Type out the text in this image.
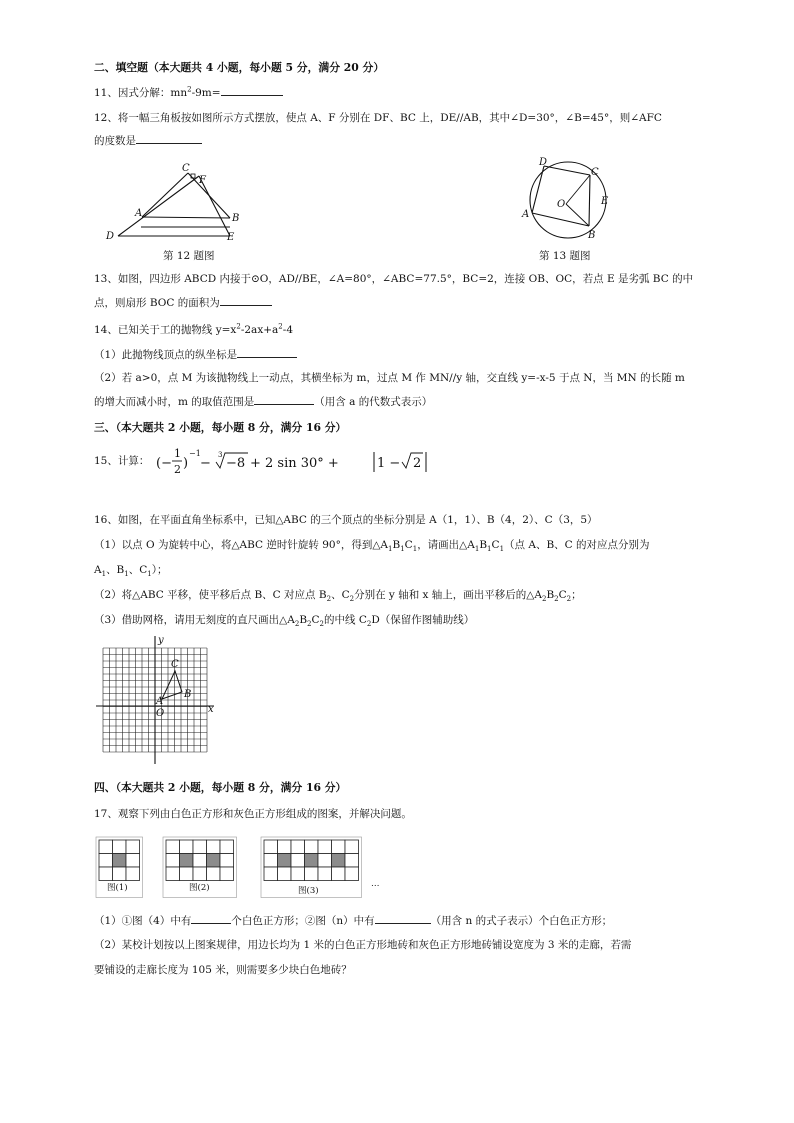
二、填空题（本大题共 4 小题，每小题 5 分，满分 20 分）
11、因式分解：$mn^2-9m=$
12、将一幅三角板按如图所示方式摆放，使点 A、F 分别在 DF、BC 上，DE//AB，其中∠D=30°，∠B=45°，则∠AFC
的度数是
C
F
A	B
D	E
第 12 题图
D
C
O	E
A
B
第 13 题图
13、如图，四边形 ABCD 内接于⊙O，AD//BE，∠A=80°，∠ABC=77.5°，BC=2，连接 OB、OC，若点 E 是劣弧 BC 的中
点，则扇形 BOC 的面积为
14、已知关于工的抛物线 $y=x^2-2ax+a^2-4$
（1）此抛物线顶点的纵坐标是
（2）若 a>0，点 M 为该抛物线上一动点，其横坐标为 m，过点 M 作 MN//y 轴，交直线 y=-x-5 于点 N，当 MN 的长随 m
的增大而减小时，m 的取值范围是	（用含 a 的代数式表示）
三、（本大题共 2 小题，每小题 8 分，满分 16 分）
15、计算： (−
1
2 )
−1
−
3
−8 + 2 sin 30° +	1 − 2
16、如图，在平面直角坐标系中，已知△ABC 的三个顶点的坐标分别是 A（1，1）、B（4，2）、C（3，5）
（1）以点 O 为旋转中心，将△ABC 逆时针旋转 90°，得到$\triangle A_1B_1C_1$，请画出$\triangle A_1B_1C_1$（点 A、B、C 的对应点分别为
$A_1$、$B_1$、$C_1$）；
（2）将△ABC 平移，使平移后点 B、C 对应点 $B_2$、$C_2$分别在 y 轴和 x 轴上，画出平移后的$\triangle A_2B_2C_2$；
（3）借助网格，请用无刻度的直尺画出$\triangle A_2B_2C_2$的中线 $C_2D$（保留作图辅助线）
y
C
B
A
O	x
四、（本大题共 2 小题，每小题 8 分，满分 16 分）
17、观察下列由白色正方形和灰色正方形组成的图案，并解决问题。
图(1)	图(2)	图(3)
…
（1）①图（4）中有	个白色正方形；②图（n）中有	（用含 n 的式子表示）个白色正方形；
（2）某校计划按以上图案规律，用边长均为 1 米的白色正方形地砖和灰色正方形地砖铺设宽度为 3 米的走廊，若需
要铺设的走廊长度为 105 米，则需要多少块白色地砖？
